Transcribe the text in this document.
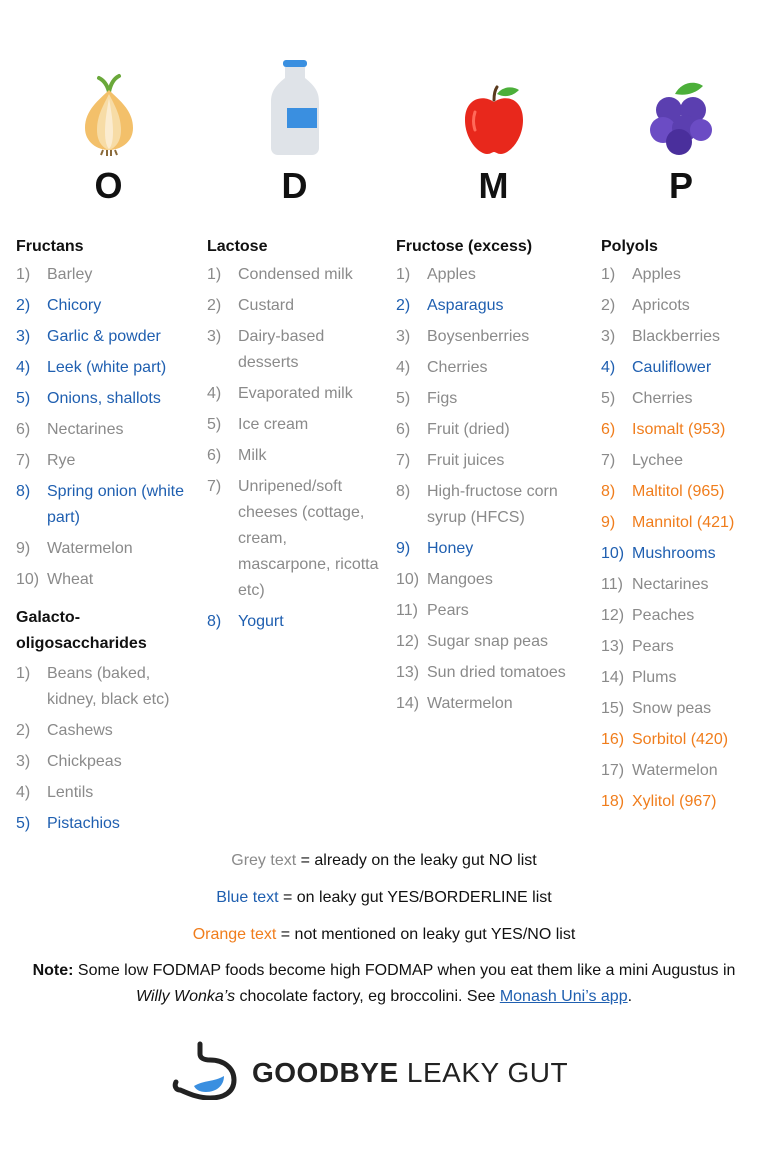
O
Fructans
1) Barley
2) Chicory
3) Garlic & powder
4) Leek (white part)
5) Onions, shallots
6) Nectarines
7) Rye
8) Spring onion (white part)
9) Watermelon
10) Wheat
Galacto-oligosaccharides
1) Beans (baked, kidney, black etc)
2) Cashews
3) Chickpeas
4) Lentils
5) Pistachios
D
Lactose
1) Condensed milk
2) Custard
3) Dairy-based desserts
4) Evaporated milk
5) Ice cream
6) Milk
7) Unripened/soft cheeses (cottage, cream, mascarpone, ricotta etc)
8) Yogurt
M
Fructose (excess)
1) Apples
2) Asparagus
3) Boysenberries
4) Cherries
5) Figs
6) Fruit (dried)
7) Fruit juices
8) High-fructose corn syrup (HFCS)
9) Honey
10) Mangoes
11) Pears
12) Sugar snap peas
13) Sun dried tomatoes
14) Watermelon
P
Polyols
1) Apples
2) Apricots
3) Blackberries
4) Cauliflower
5) Cherries
6) Isomalt (953)
7) Lychee
8) Maltitol (965)
9) Mannitol (421)
10) Mushrooms
11) Nectarines
12) Peaches
13) Pears
14) Plums
15) Snow peas
16) Sorbitol (420)
17) Watermelon
18) Xylitol (967)
Grey text = already on the leaky gut NO list
Blue text = on leaky gut YES/BORDERLINE list
Orange text = not mentioned on leaky gut YES/NO list
Note: Some low FODMAP foods become high FODMAP when you eat them like a mini Augustus in Willy Wonka’s chocolate factory, eg broccolini. See Monash Uni’s app.
GOODBYE LEAKY GUT
